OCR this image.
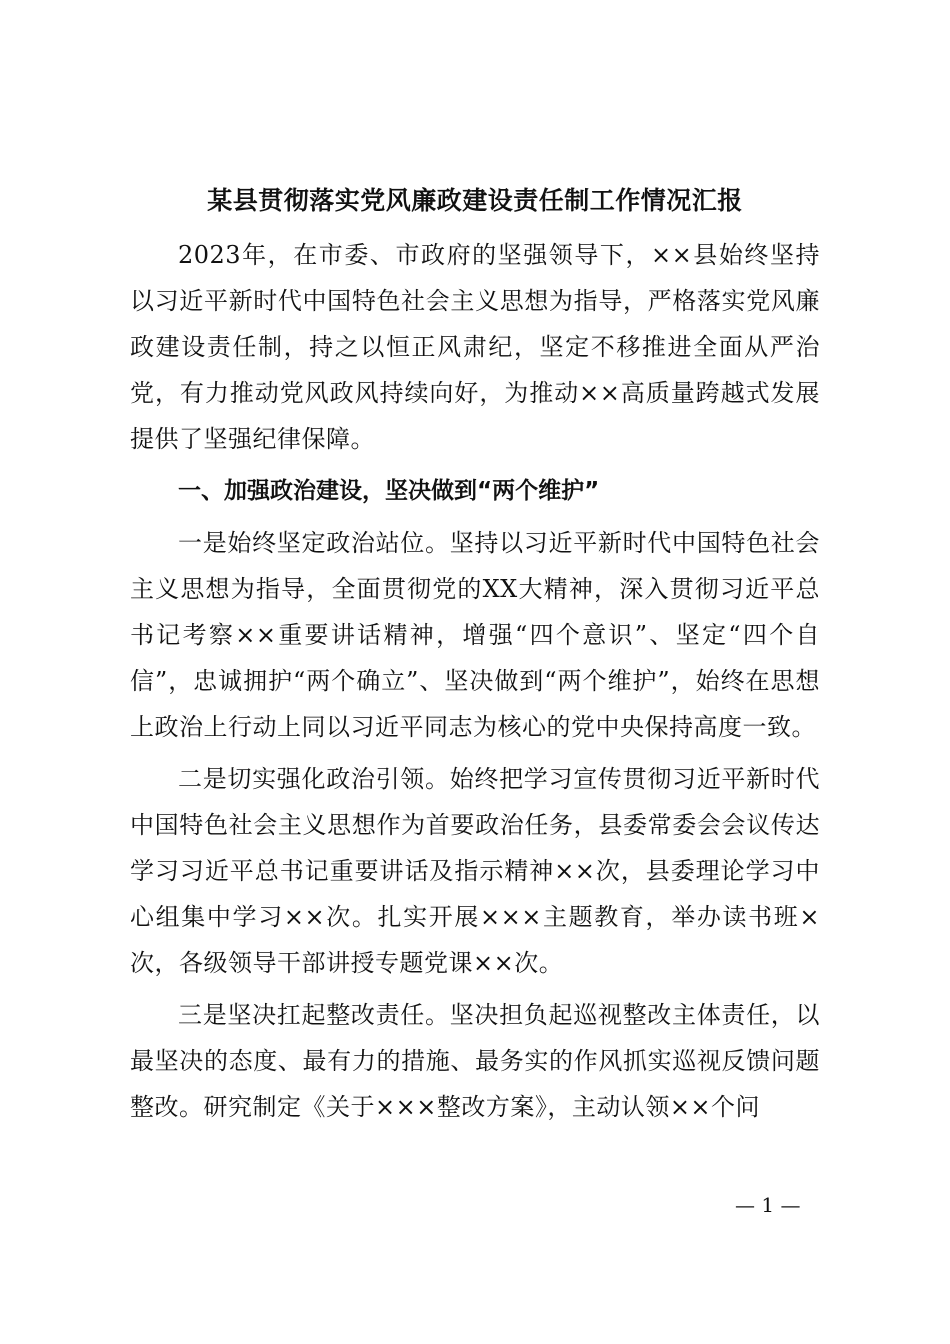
某县贯彻落实党风廉政建设责任制工作情况汇报

2023年，在市委、市政府的坚强领导下，××县始终坚持以习近平新时代中国特色社会主义思想为指导，严格落实党风廉政建设责任制，持之以恒正风肃纪，坚定不移推进全面从严治党，有力推动党风政风持续向好，为推动××高质量跨越式发展提供了坚强纪律保障。

一、加强政治建设，坚决做到“两个维护”

一是始终坚定政治站位。坚持以习近平新时代中国特色社会主义思想为指导，全面贯彻党的XX大精神，深入贯彻习近平总书记考察××重要讲话精神，增强“四个意识”、坚定“四个自信”，忠诚拥护“两个确立”、坚决做到“两个维护”，始终在思想上政治上行动上同以习近平同志为核心的党中央保持高度一致。

二是切实强化政治引领。始终把学习宣传贯彻习近平新时代中国特色社会主义思想作为首要政治任务，县委常委会会议传达学习习近平总书记重要讲话及指示精神××次，县委理论学习中心组集中学习××次。扎实开展×××主题教育，举办读书班×次，各级领导干部讲授专题党课××次。

三是坚决扛起整改责任。坚决担负起巡视整改主体责任，以最坚决的态度、最有力的措施、最务实的作风抓实巡视反馈问题整改。研究制定《关于×××整改方案》，主动认领××个问

— 1 —
